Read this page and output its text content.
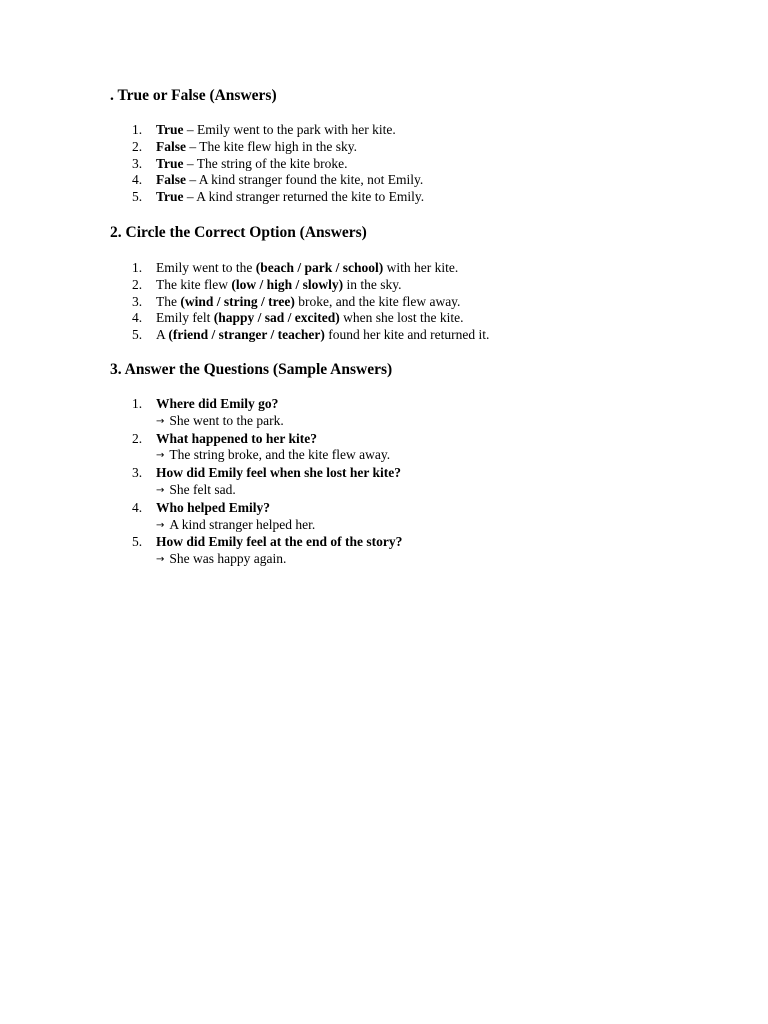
. True or False (Answers)
1. True – Emily went to the park with her kite.
2. False – The kite flew high in the sky.
3. True – The string of the kite broke.
4. False – A kind stranger found the kite, not Emily.
5. True – A kind stranger returned the kite to Emily.
2. Circle the Correct Option (Answers)
1. Emily went to the (beach / park / school) with her kite.
2. The kite flew (low / high / slowly) in the sky.
3. The (wind / string / tree) broke, and the kite flew away.
4. Emily felt (happy / sad / excited) when she lost the kite.
5. A (friend / stranger / teacher) found her kite and returned it.
3. Answer the Questions (Sample Answers)
1. Where did Emily go?
→ She went to the park.
2. What happened to her kite?
→ The string broke, and the kite flew away.
3. How did Emily feel when she lost her kite?
→ She felt sad.
4. Who helped Emily?
→ A kind stranger helped her.
5. How did Emily feel at the end of the story?
→ She was happy again.
